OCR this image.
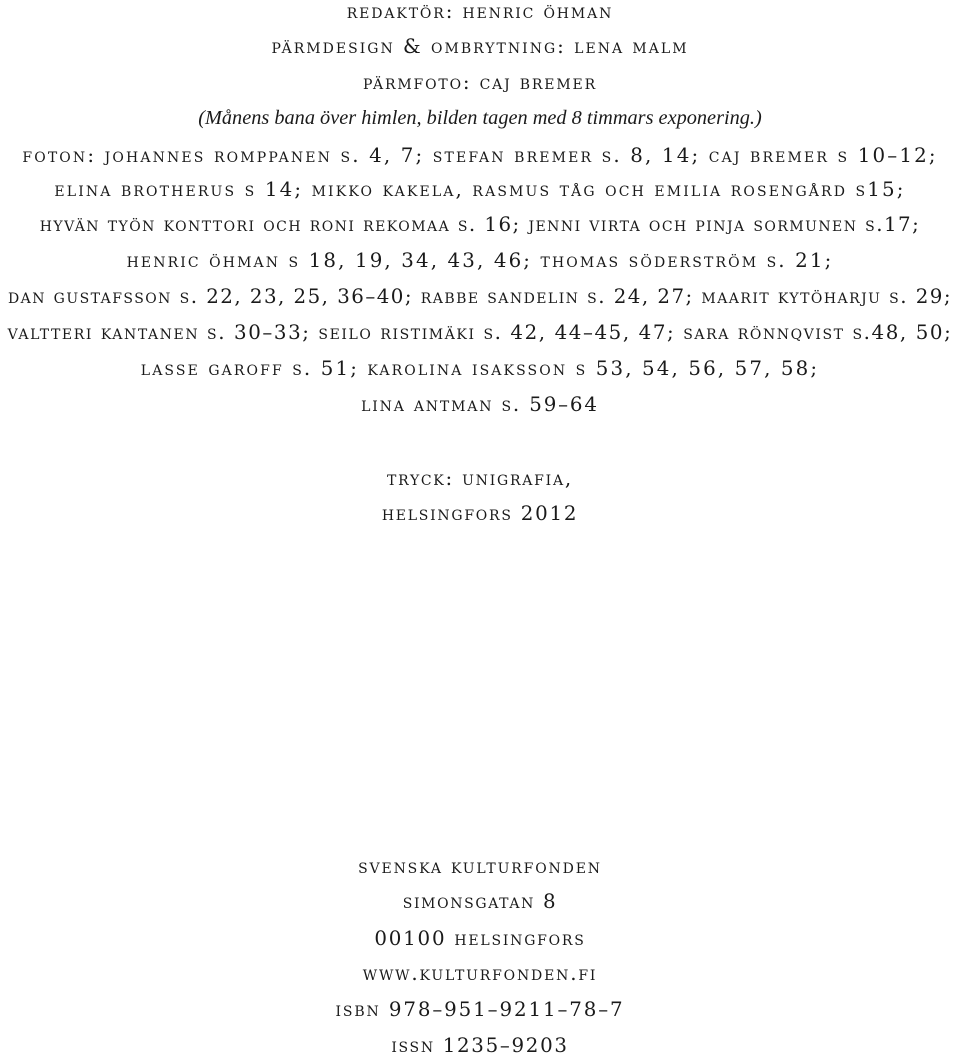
redaktör: henric öhman
pärmdesign & ombrytning: lena malm
pärmfoto: caj bremer
(Månens bana över himlen, bilden tagen med 8 timmars exponering.)
foton: johannes romppanen s. 4, 7; stefan bremer s. 8, 14; caj bremer s 10–12;
elina brotherus s 14; mikko kakela, rasmus tåg och emilia rosengård s15;
hyvän työn konttori och roni rekomaa s. 16; jenni virta och pinja sormunen s.17;
henric öhman s 18, 19, 34, 43, 46; thomas söderström s. 21;
dan gustafsson s. 22, 23, 25, 36–40; rabbe sandelin s. 24, 27; maarit kytöharju s. 29;
valtteri kantanen s. 30–33; seilo ristimäki s. 42, 44–45, 47; sara rönnqvist s.48, 50;
lasse garoff s. 51; karolina isaksson s 53, 54, 56, 57, 58;
lina antman s. 59–64
tryck: unigrafia,
helsingfors 2012
svenska kulturfonden
simonsgatan 8
00100 helsingfors
www.kulturfonden.fi
isbn 978–951–9211–78–7
issn 1235–9203
